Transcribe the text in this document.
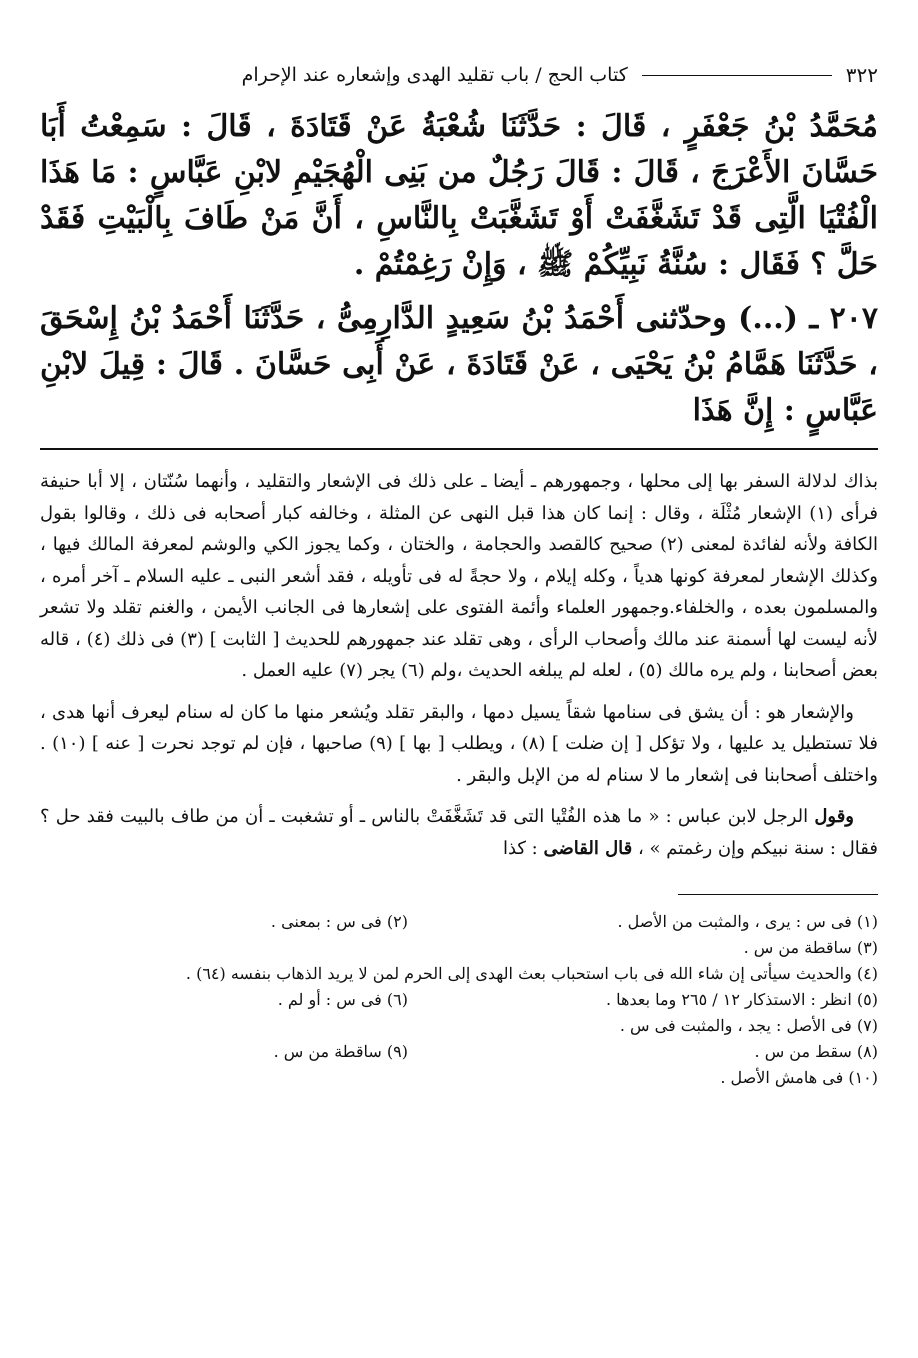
٣٢٢
كتاب الحج / باب تقليد الهدى وإشعاره عند الإحرام

مُحَمَّدُ بْنُ جَعْفَرٍ ، قَالَ : حَدَّثَنَا شُعْبَةُ عَنْ قَتَادَةَ ، قَالَ : سَمِعْتُ أَبَا حَسَّانَ الأَعْرَجَ ، قَالَ : قَالَ رَجُلٌ من بَنِى الْهُجَيْمِ لابْنِ عَبَّاسٍ : مَا هَذَا الْفُتْيَا الَّتِى قَدْ تَشَغَّفَتْ أَوْ تَشَغَّبَتْ بِالنَّاسِ ، أَنَّ مَنْ طَافَ بِالْبَيْتِ فَقَدْ حَلَّ ؟ فَقَال : سُنَّةُ نَبِيِّكُمْ ﷺ ، وَإِنْ رَغِمْتُمْ .

٢٠٧ ـ (...) وحدّثنى أَحْمَدُ بْنُ سَعِيدٍ الدَّارِمِىُّ ، حَدَّثَنَا أَحْمَدُ بْنُ إِسْحَقَ ، حَدَّثَنَا هَمَّامُ بْنُ يَحْيَى ، عَنْ قَتَادَةَ ، عَنْ أَبِى حَسَّانَ . قَالَ : قِيلَ لابْنِ عَبَّاسٍ : إِنَّ هَذَا

بذاك لدلالة السفر بها إلى محلها ، وجمهورهم ـ أيضا ـ على ذلك فى الإشعار والتقليد ، وأنهما سُنّتان ، إلا أبا حنيفة فرأى (١) الإشعار مُثْلَة ، وقال : إنما كان هذا قبل النهى عن المثلة ، وخالفه كبار أصحابه فى ذلك ، وقالوا بقول الكافة ولأنه لفائدة لمعنى (٢) صحيح كالقصد والحجامة ، والختان ، وكما يجوز الكي والوشم لمعرفة المالك فيها ، وكذلك الإشعار لمعرفة كونها هدياً ، وكله إيلام ، ولا حجةً له فى تأويله ، فقد أشعر النبى ـ عليه السلام ـ آخر أمره ، والمسلمون بعده ، والخلفاء.وجمهور العلماء وأئمة الفتوى على إشعارها فى الجانب الأيمن ، والغنم تقلد ولا تشعر لأنه ليست لها أسمنة عند مالك وأصحاب الرأى ، وهى تقلد عند جمهورهم للحديث [ الثابت ] (٣) فى ذلك (٤) ، قاله بعض أصحابنا ، ولم يره مالك (٥) ، لعله لم يبلغه الحديث ،ولم (٦) يجر (٧) عليه العمل .

والإشعار هو : أن يشق فى سنامها شقاً يسيل دمها ، والبقر تقلد ويُشعر منها ما كان له سنام ليعرف أنها هدى ، فلا تستطيل يد عليها ، ولا تؤكل [ إن ضلت ] (٨) ، ويطلب [ بها ] (٩) صاحبها ، فإن لم توجد نحرت [ عنه ] (١٠) . واختلف أصحابنا فى إشعار ما لا سنام له من الإبل والبقر .

وقول الرجل لابن عباس : « ما هذه الفُتْيا التى قد تَشَغَّفَتْ بالناس ـ أو تشغبت ـ أن من طاف بالبيت فقد حل ؟ فقال : سنة نبيكم وإن رغمتم » ، قال القاضى : كذا

(١) فى س : يرى ، والمثبت من الأصل .
(٢) فى س : بمعنى .
(٣) ساقطة من س .
(٤) والحديث سيأتى إن شاء الله فى باب استحباب بعث الهدى إلى الحرم لمن لا يريد الذهاب بنفسه (٦٤) .
(٥) انظر : الاستذكار ١٢ / ٢٦٥ وما بعدها .
(٦) فى س : أو لم .
(٧) فى الأصل : يجد ، والمثبت فى س .
(٨) سقط من س .
(٩) ساقطة من س .
(١٠) فى هامش الأصل .
